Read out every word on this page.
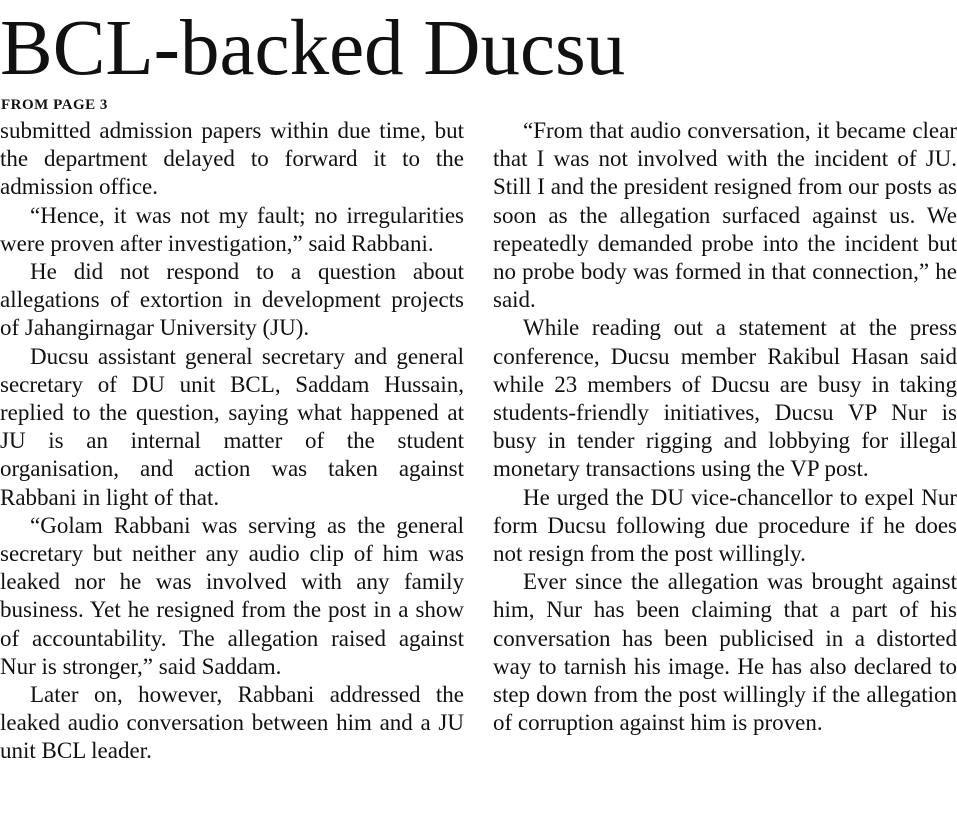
BCL-backed Ducsu
FROM PAGE 3

submitted admission papers within due time, but the department delayed to forward it to the admission office.

“Hence, it was not my fault; no irregularities were proven after investigation,” said Rabbani.

He did not respond to a question about allegations of extortion in development projects of Jahangirnagar University (JU).

Ducsu assistant general secretary and general secretary of DU unit BCL, Saddam Hussain, replied to the question, saying what happened at JU is an internal matter of the student organisation, and action was taken against Rabbani in light of that.

“Golam Rabbani was serving as the general secretary but neither any audio clip of him was leaked nor he was involved with any family business. Yet he resigned from the post in a show of accountability. The allegation raised against Nur is stronger,” said Saddam.

Later on, however, Rabbani addressed the leaked audio conversation between him and a JU unit BCL leader.

“From that audio conversation, it became clear that I was not involved with the incident of JU. Still I and the president resigned from our posts as soon as the allegation surfaced against us. We repeatedly demanded probe into the incident but no probe body was formed in that connection,” he said.

While reading out a statement at the press conference, Ducsu member Rakibul Hasan said while 23 members of Ducsu are busy in taking students-friendly initiatives, Ducsu VP Nur is busy in tender rigging and lobbying for illegal monetary transactions using the VP post.

He urged the DU vice-chancellor to expel Nur form Ducsu following due procedure if he does not resign from the post willingly.

Ever since the allegation was brought against him, Nur has been claiming that a part of his conversation has been publicised in a distorted way to tarnish his image. He has also declared to step down from the post willingly if the allegation of corruption against him is proven.
